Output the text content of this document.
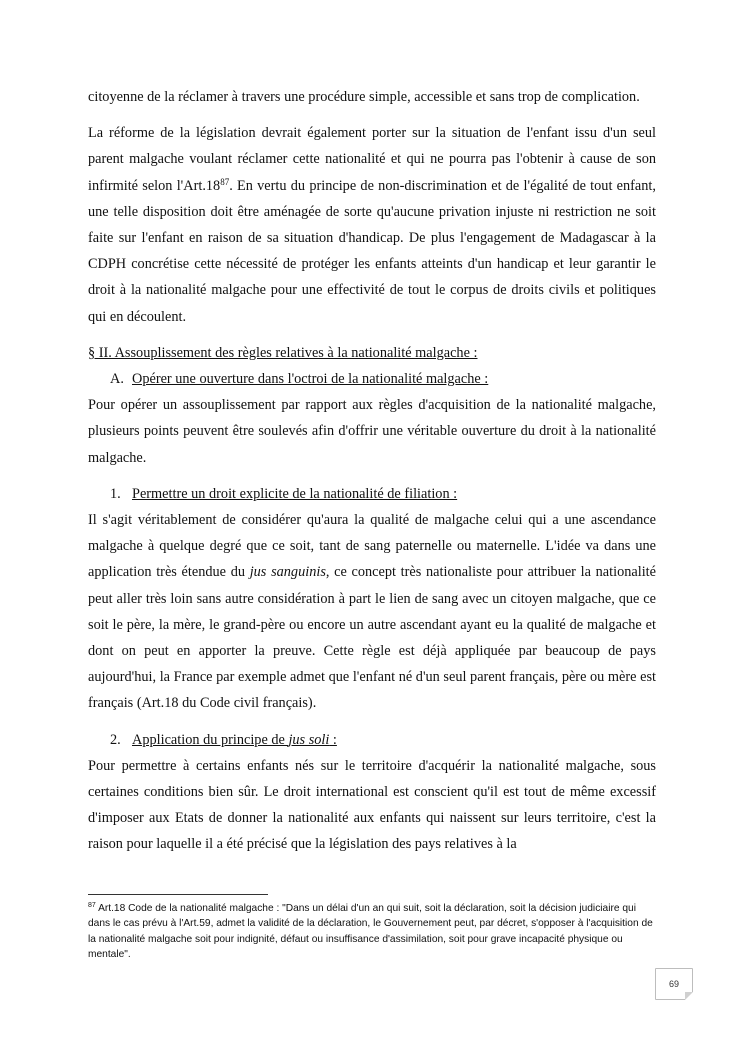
citoyenne de la réclamer à travers une procédure simple, accessible et sans trop de complication.

La réforme de la législation devrait également porter sur la situation de l'enfant issu d'un seul parent malgache voulant réclamer cette nationalité et qui ne pourra pas l'obtenir à cause de son infirmité selon l'Art.18$^{87}$. En vertu du principe de non-discrimination et de l'égalité de tout enfant, une telle disposition doit être aménagée de sorte qu'aucune privation injuste ni restriction ne soit faite sur l'enfant en raison de sa situation d'handicap. De plus l'engagement de Madagascar à la CDPH concrétise cette nécessité de protéger les enfants atteints d'un handicap et leur garantir le droit à la nationalité malgache pour une effectivité de tout le corpus de droits civils et politiques qui en découlent.

§ II. Assouplissement des règles relatives à la nationalité malgache :
A. Opérer une ouverture dans l'octroi de la nationalité malgache :

Pour opérer un assouplissement par rapport aux règles d'acquisition de la nationalité malgache, plusieurs points peuvent être soulevés afin d'offrir une véritable ouverture du droit à la nationalité malgache.

1. Permettre un droit explicite de la nationalité de filiation :

Il s'agit véritablement de considérer qu'aura la qualité de malgache celui qui a une ascendance malgache à quelque degré que ce soit, tant de sang paternelle ou maternelle. L'idée va dans une application très étendue du jus sanguinis, ce concept très nationaliste pour attribuer la nationalité peut aller très loin sans autre considération à part le lien de sang avec un citoyen malgache, que ce soit le père, la mère, le grand-père ou encore un autre ascendant ayant eu la qualité de malgache et dont on peut en apporter la preuve. Cette règle est déjà appliquée par beaucoup de pays aujourd'hui, la France par exemple admet que l'enfant né d'un seul parent français, père ou mère est français (Art.18 du Code civil français).

2. Application du principe de jus soli :

Pour permettre à certains enfants nés sur le territoire d'acquérir la nationalité malgache, sous certaines conditions bien sûr. Le droit international est conscient qu'il est tout de même excessif d'imposer aux Etats de donner la nationalité aux enfants qui naissent sur leurs territoire, c'est la raison pour laquelle il a été précisé que la législation des pays relatives à la

$^{87}$ Art.18 Code de la nationalité malgache : "Dans un délai d'un an qui suit, soit la déclaration, soit la décision judiciaire qui dans le cas prévu à l'Art.59, admet la validité de la déclaration, le Gouvernement peut, par décret, s'opposer à l'acquisition de la nationalité malgache soit pour indignité, défaut ou insuffisance d'assimilation, soit pour grave incapacité physique ou mentale".
69
